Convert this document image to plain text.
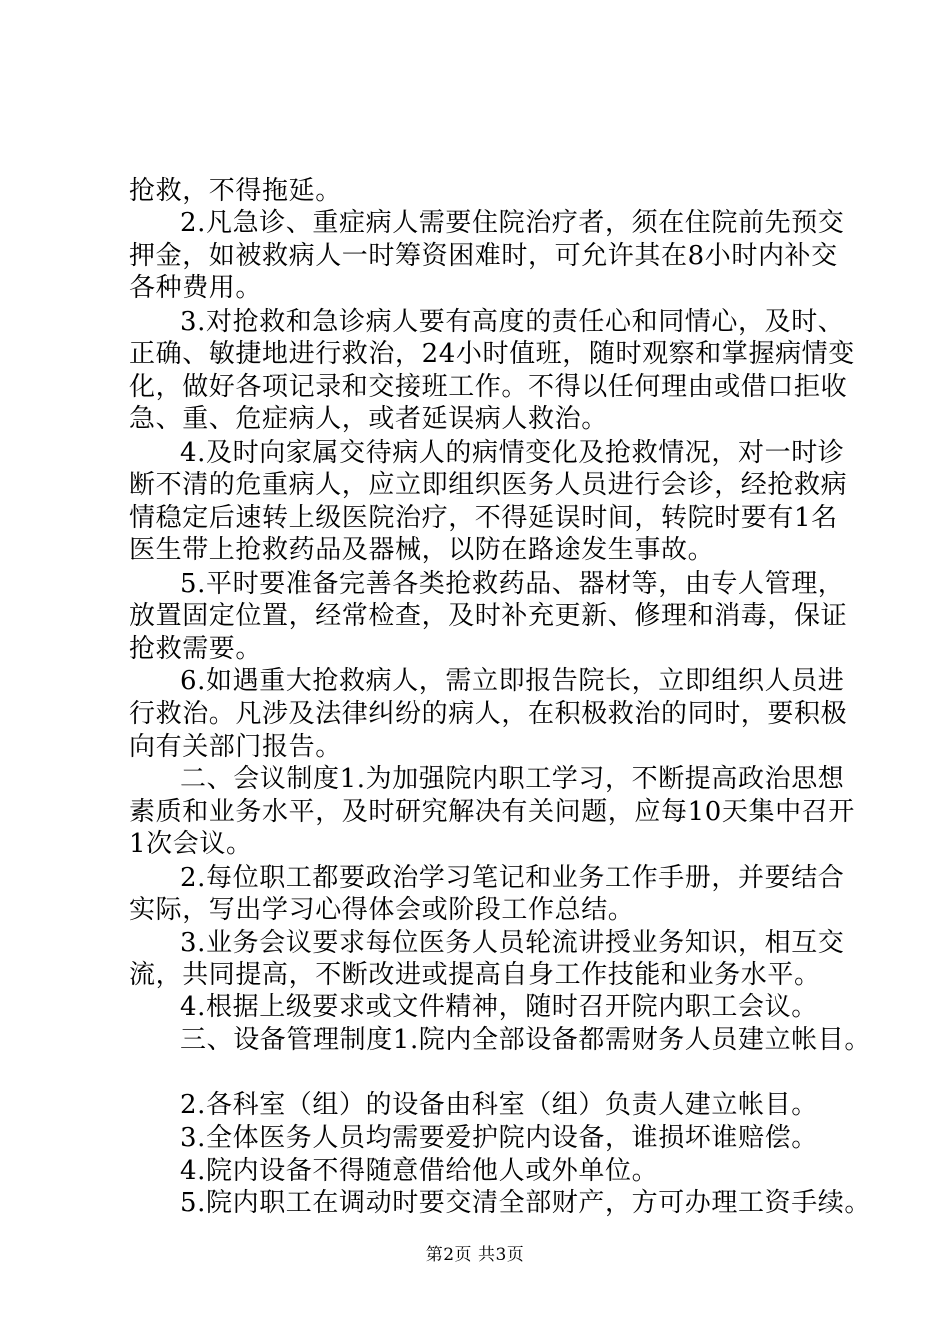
抢救，不得拖延。

2.凡急诊、重症病人需要住院治疗者，须在住院前先预交

押金，如被救病人一时筹资困难时，可允许其在8小时内补交

各种费用。

3.对抢救和急诊病人要有高度的责任心和同情心，及时、

正确、敏捷地进行救治，24小时值班，随时观察和掌握病情变

化，做好各项记录和交接班工作。不得以任何理由或借口拒收

急、重、危症病人，或者延误病人救治。

4.及时向家属交待病人的病情变化及抢救情况，对一时诊

断不清的危重病人，应立即组织医务人员进行会诊，经抢救病

情稳定后速转上级医院治疗，不得延误时间，转院时要有1名

医生带上抢救药品及器械，以防在路途发生事故。

5.平时要准备完善各类抢救药品、器材等，由专人管理，

放置固定位置，经常检查，及时补充更新、修理和消毒，保证

抢救需要。

6.如遇重大抢救病人，需立即报告院长，立即组织人员进

行救治。凡涉及法律纠纷的病人，在积极救治的同时，要积极

向有关部门报告。

二、会议制度1.为加强院内职工学习，不断提高政治思想

素质和业务水平，及时研究解决有关问题，应每10天集中召开

1次会议。

2.每位职工都要政治学习笔记和业务工作手册，并要结合

实际，写出学习心得体会或阶段工作总结。

3.业务会议要求每位医务人员轮流讲授业务知识，相互交

流，共同提高，不断改进或提高自身工作技能和业务水平。

4.根据上级要求或文件精神，随时召开院内职工会议。

三、设备管理制度1.院内全部设备都需财务人员建立帐目。

2.各科室（组）的设备由科室（组）负责人建立帐目。

3.全体医务人员均需要爱护院内设备，谁损坏谁赔偿。

4.院内设备不得随意借给他人或外单位。

5.院内职工在调动时要交清全部财产，方可办理工资手续。

第2页 共3页
